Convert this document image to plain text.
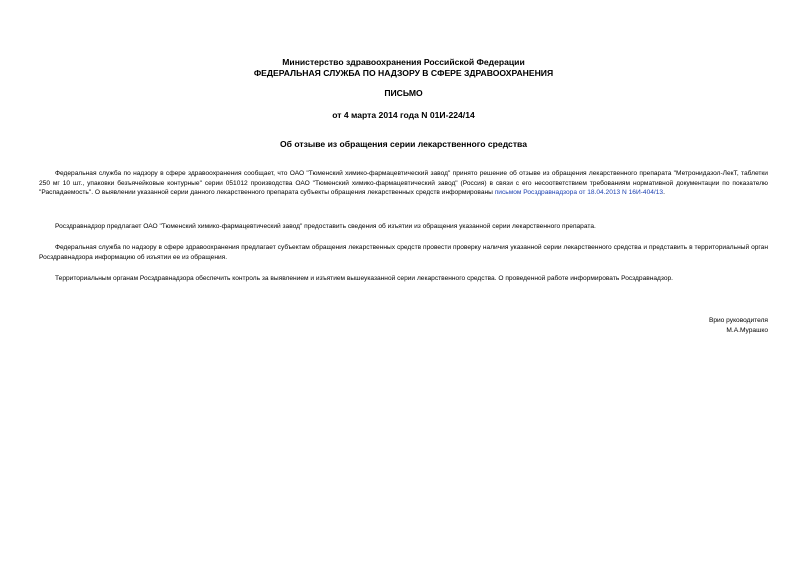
Министерство здравоохранения Российской Федерации
ФЕДЕРАЛЬНАЯ СЛУЖБА ПО НАДЗОРУ В СФЕРЕ ЗДРАВООХРАНЕНИЯ
ПИСЬМО
от 4 марта 2014 года N 01И-224/14
Об отзыве из обращения серии лекарственного средства

Федеральная служба по надзору в сфере здравоохранения сообщает, что ОАО "Тюменский химико-фармацевтический завод" принято решение об отзыве из обращения лекарственного препарата "Метронидазол-ЛекТ, таблетки 250 мг 10 шт., упаковки безъячейковые контурные" серии 051012 производства ОАО "Тюменский химико-фармацевтический завод" (Россия) в связи с его несоответствием требованиям нормативной документации по показателю "Распадаемость". О выявлении указанной серии данного лекарственного препарата субъекты обращения лекарственных средств информированы письмом Росздравнадзора от 18.04.2013 N 16И-404/13.

Росздравнадзор предлагает ОАО "Тюменский химико-фармацевтический завод" предоставить сведения об изъятии из обращения указанной серии лекарственного препарата.

Федеральная служба по надзору в сфере здравоохранения предлагает субъектам обращения лекарственных средств провести проверку наличия указанной серии лекарственного средства и представить в территориальный орган Росздравнадзора информацию об изъятии ее из обращения.

Территориальным органам Росздравнадзора обеспечить контроль за выявлением и изъятием вышеуказанной серии лекарственного средства. О проведенной работе информировать Росздравнадзор.

Врио руководителя
М.А.Мурашко
